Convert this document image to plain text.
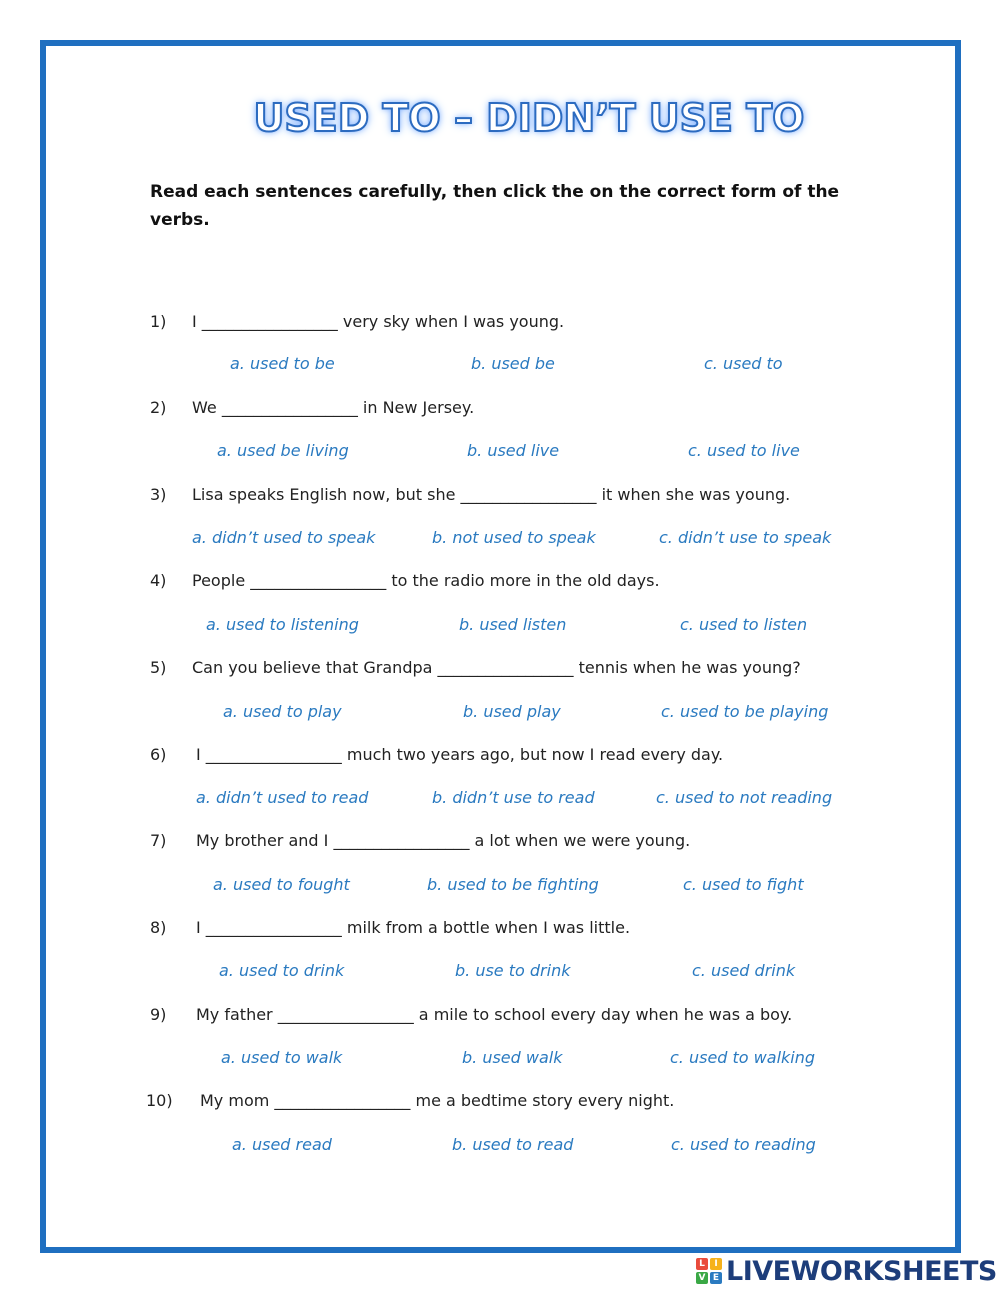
USED TO – DIDN’T USE TO
Read each sentences carefully, then click the on the correct form of the verbs.
1) I _________________ very sky when I was young.
a. used to be	b. used be	c. used to
2) We _________________ in New Jersey.
a. used be living	b. used live	c. used to live
3) Lisa speaks English now, but she _________________ it when she was young.
a. didn’t used to speak	b. not used to speak	c. didn’t use to speak
4) People _________________ to the radio more in the old days.
a. used to listening	b. used listen	c. used to listen
5) Can you believe that Grandpa _________________ tennis when he was young?
a. used to play	b. used play	c. used to be playing
6) I _________________ much two years ago, but now I read every day.
a. didn’t used to read	b. didn’t use to read	c. used to not reading
7) My brother and I _________________ a lot when we were young.
a. used to fought	b. used to be fighting	c. used to fight
8) I _________________ milk from a bottle when I was little.
a. used to drink	b. use to drink	c. used drink
9) My father _________________ a mile to school every day when he was a boy.
a. used to walk	b. used walk	c. used to walking
10) My mom _________________ me a bedtime story every night.
a. used read	b. used to read	c. used to reading
L	I
V E LIVEWORKSHEETS
